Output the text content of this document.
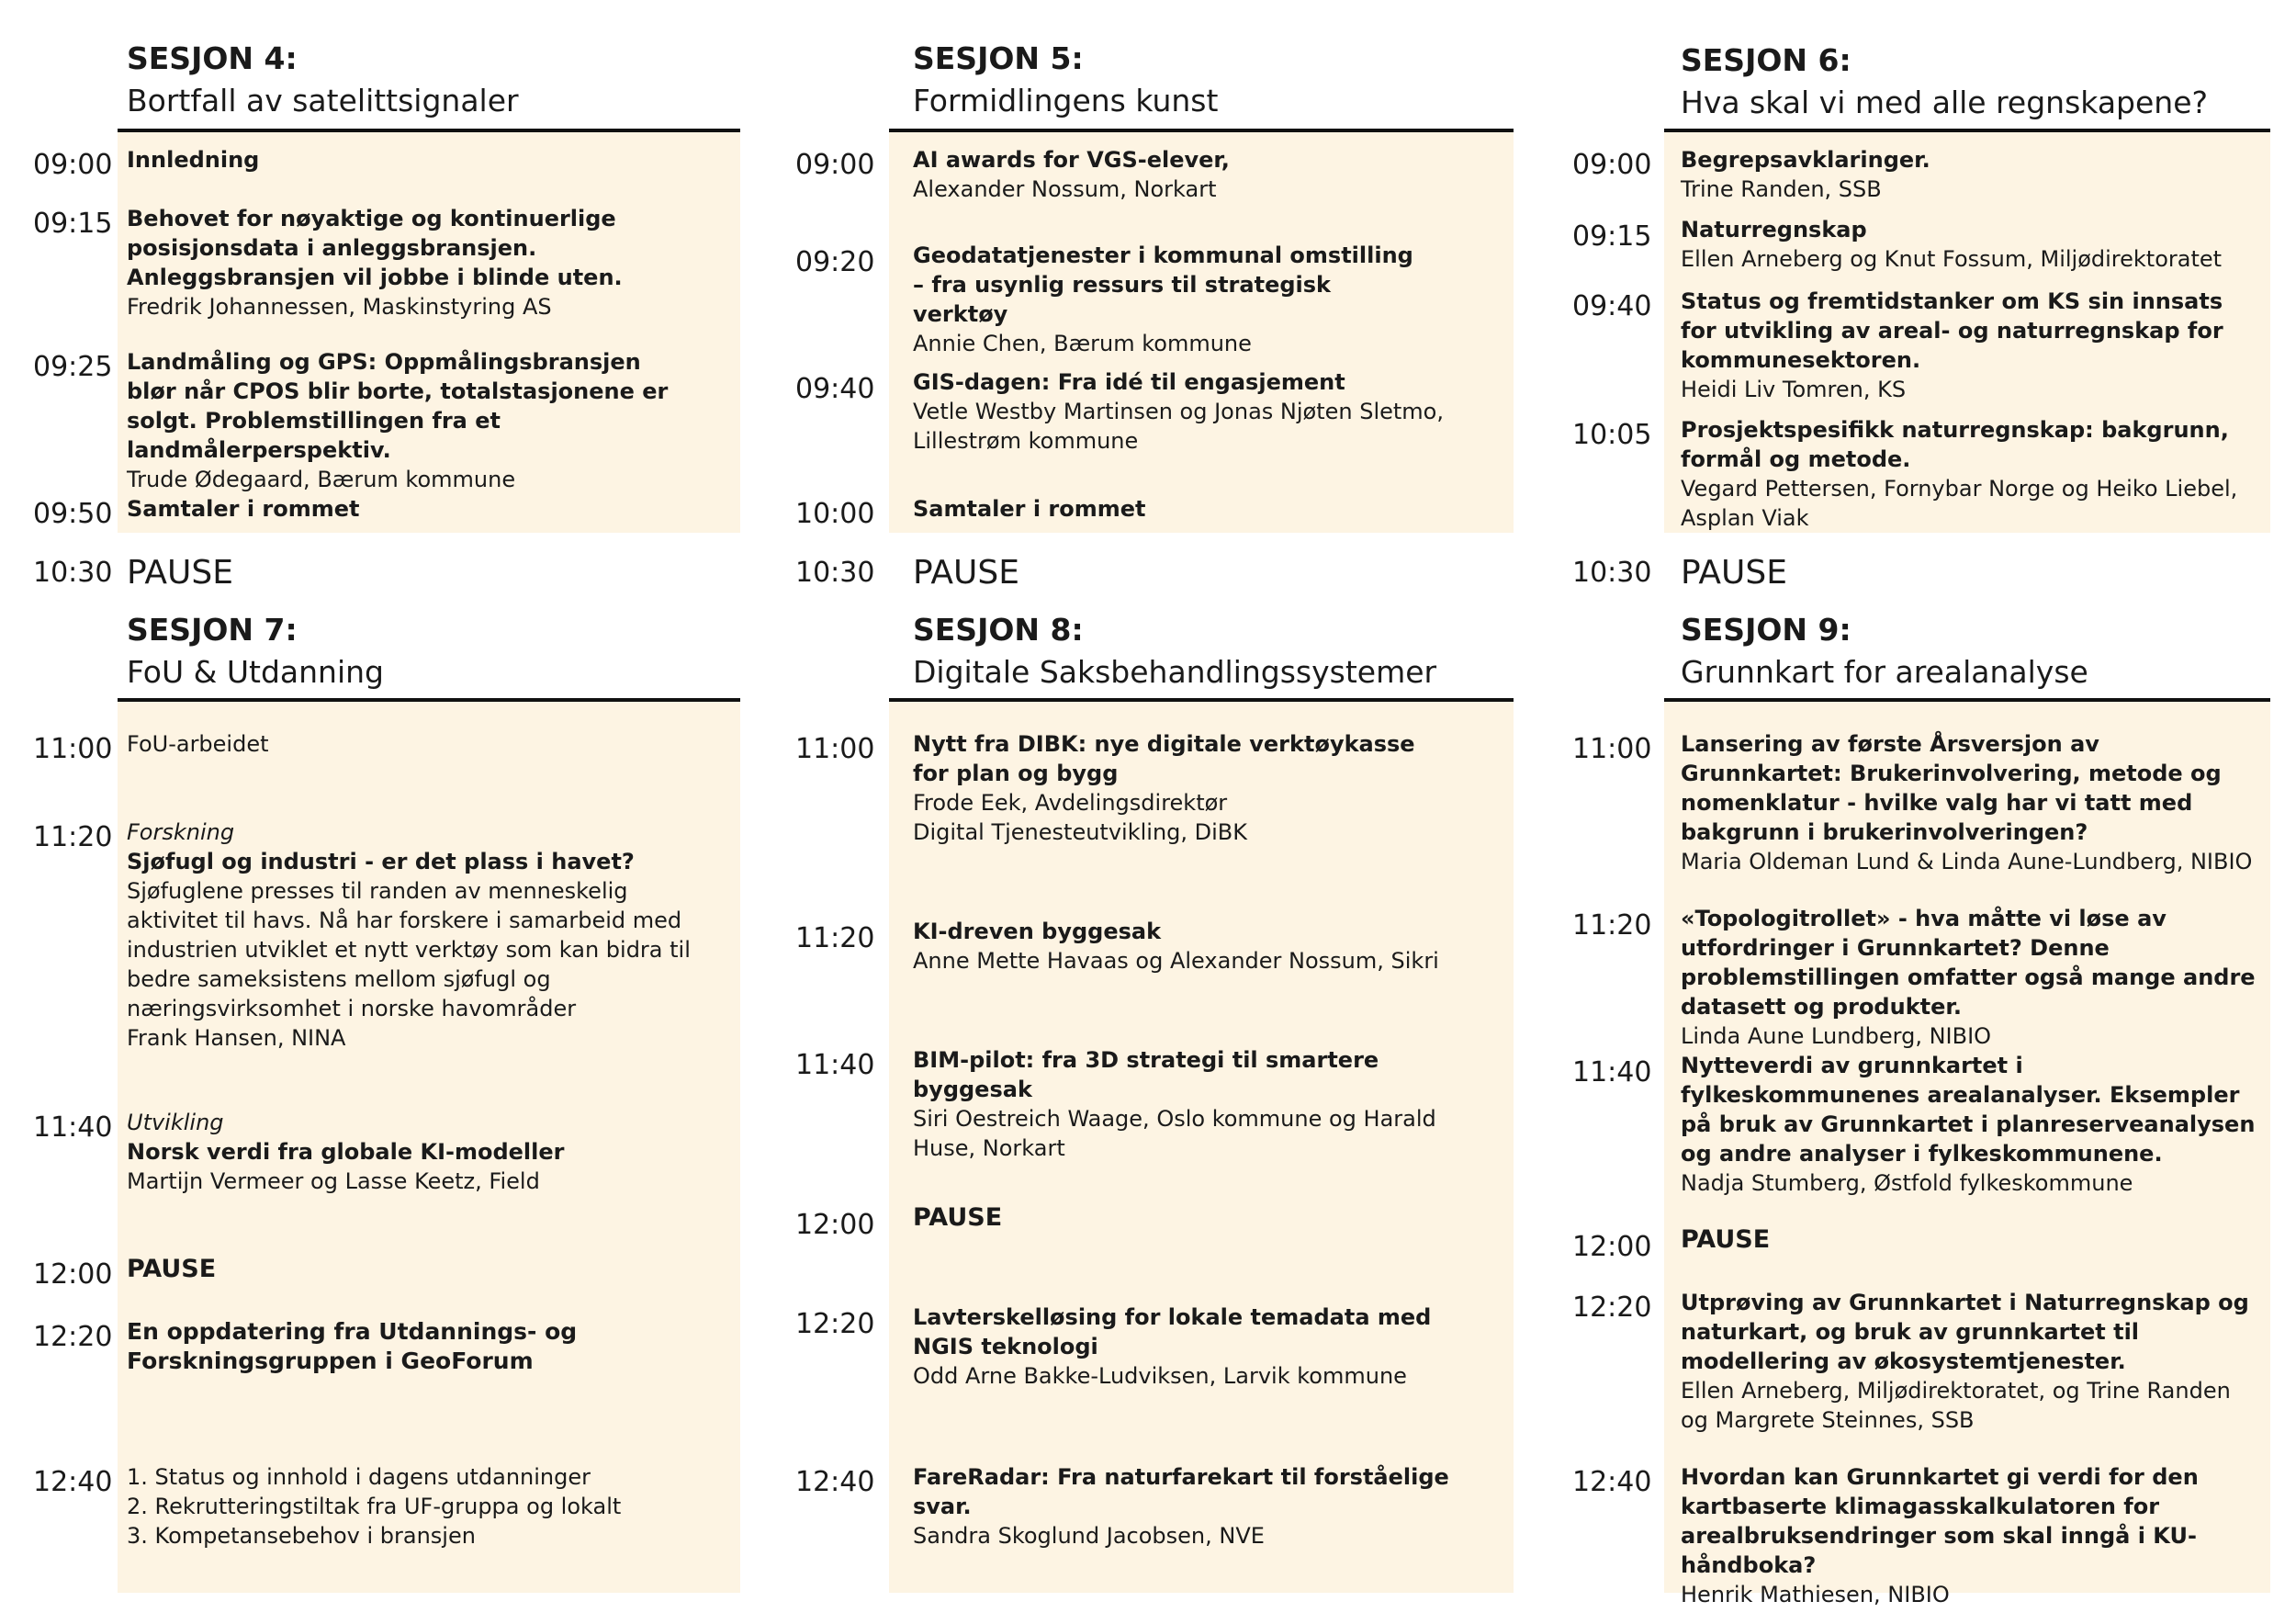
SESJON 4:
Bortfall av satelittsignaler
09:00 Innledning
09:15 Behovet for nøyaktige og kontinuerlige posisjonsdata i anleggsbransjen. Anleggsbransjen vil jobbe i blinde uten.
Fredrik Johannessen, Maskinstyring AS
09:25 Landmåling og GPS: Oppmålingsbransjen blør når CPOS blir borte, totalstasjonene er solgt. Problemstillingen fra et landmålerperspektiv.
Trude Ødegaard, Bærum kommune
09:50 Samtaler i rommet
10:30 PAUSE
SESJON 7:
FoU & Utdanning
11:00 FoU-arbeidet
11:20 Forskning
Sjøfugl og industri - er det plass i havet?
Sjøfuglene presses til randen av menneskelig aktivitet til havs. Nå har forskere i samarbeid med industrien utviklet et nytt verktøy som kan bidra til bedre sameksistens mellom sjøfugl og næringsvirksomhet i norske havområder
Frank Hansen, NINA
11:40 Utvikling
Norsk verdi fra globale KI-modeller
Martijn Vermeer og Lasse Keetz, Field
12:00 PAUSE
12:20 En oppdatering fra Utdannings- og Forskningsgruppen i GeoForum
12:40 1. Status og innhold i dagens utdanninger
2. Rekrutteringstiltak fra UF-gruppa og lokalt
3. Kompetansebehov i bransjen
SESJON 5:
Formidlingens kunst
09:00 AI awards for VGS-elever,
Alexander Nossum, Norkart
09:20 Geodatatjenester i kommunal omstilling – fra usynlig ressurs til strategisk verktøy
Annie Chen, Bærum kommune
09:40 GIS-dagen: Fra idé til engasjement
Vetle Westby Martinsen og Jonas Njøten Sletmo, Lillestrøm kommune
10:00 Samtaler i rommet
10:30 PAUSE
SESJON 8:
Digitale Saksbehandlingssystemer
11:00 Nytt fra DIBK: nye digitale verktøykasse for plan og bygg
Frode Eek, Avdelingsdirektør
Digital Tjenesteutvikling, DiBK
11:20 KI-dreven byggesak
Anne Mette Havaas og Alexander Nossum, Sikri
11:40 BIM-pilot: fra 3D strategi til smartere byggesak
Siri Oestreich Waage, Oslo kommune og Harald Huse, Norkart
12:00 PAUSE
12:20 Lavterskelløsing for lokale temadata med NGIS teknologi
Odd Arne Bakke-Ludviksen, Larvik kommune
12:40 FareRadar: Fra naturfarekart til forståelige svar.
Sandra Skoglund Jacobsen, NVE
SESJON 6:
Hva skal vi med alle regnskapene?
09:00 Begrepsavklaringer.
Trine Randen, SSB
09:15 Naturregnskap
Ellen Arneberg og Knut Fossum, Miljødirektoratet
09:40 Status og fremtidstanker om KS sin innsats for utvikling av areal- og naturregnskap for kommunesektoren.
Heidi Liv Tomren, KS
10:05 Prosjektspesifikk naturregnskap: bakgrunn, formål og metode.
Vegard Pettersen, Fornybar Norge og Heiko Liebel, Asplan Viak
10:30 PAUSE
SESJON 9:
Grunnkart for arealanalyse
11:00 Lansering av første Årsversjon av Grunnkartet: Brukerinvolvering, metode og nomenklatur - hvilke valg har vi tatt med bakgrunn i brukerinvolveringen?
Maria Oldeman Lund & Linda Aune-Lundberg, NIBIO
11:20 «Topologitrollet» - hva måtte vi løse av utfordringer i Grunnkartet? Denne problemstillingen omfatter også mange andre datasett og produkter.
Linda Aune Lundberg, NIBIO
11:40 Nytteverdi av grunnkartet i fylkeskommunenes arealanalyser. Eksempler på bruk av Grunnkartet i planreserveanalysen og andre analyser i fylkeskommunene.
Nadja Stumberg, Østfold fylkeskommune
12:00 PAUSE
12:20 Utprøving av Grunnkartet i Naturregnskap og naturkart, og bruk av grunnkartet til modellering av økosystemtjenester.
Ellen Arneberg, Miljødirektoratet, og Trine Randen og Margrete Steinnes, SSB
12:40 Hvordan kan Grunnkartet gi verdi for den kartbaserte klimagasskalkulatoren for arealbruksendringer som skal inngå i KU-håndboka?
Henrik Mathiesen, NIBIO
